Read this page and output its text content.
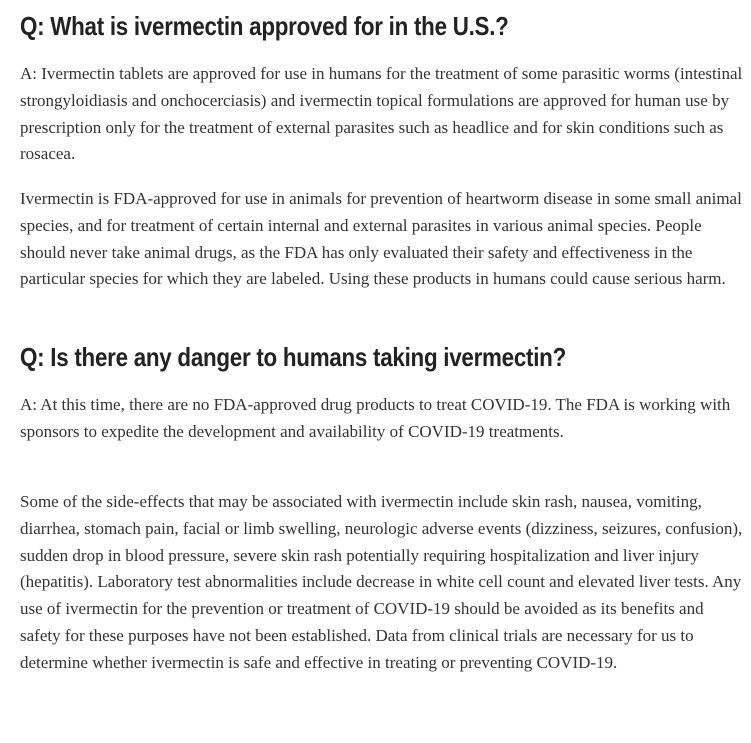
Q: What is ivermectin approved for in the U.S.?

A: Ivermectin tablets are approved for use in humans for the treatment of some parasitic worms (intestinal strongyloidiasis and onchocerciasis) and ivermectin topical formulations are approved for human use by prescription only for the treatment of external parasites such as headlice and for skin conditions such as rosacea.

Ivermectin is FDA-approved for use in animals for prevention of heartworm disease in some small animal species, and for treatment of certain internal and external parasites in various animal species. People should never take animal drugs, as the FDA has only evaluated their safety and effectiveness in the particular species for which they are labeled. Using these products in humans could cause serious harm.

Q: Is there any danger to humans taking ivermectin?

A: At this time, there are no FDA-approved drug products to treat COVID-19. The FDA is working with sponsors to expedite the development and availability of COVID-19 treatments.

Some of the side-effects that may be associated with ivermectin include skin rash, nausea, vomiting, diarrhea, stomach pain, facial or limb swelling, neurologic adverse events (dizziness, seizures, confusion), sudden drop in blood pressure, severe skin rash potentially requiring hospitalization and liver injury (hepatitis). Laboratory test abnormalities include decrease in white cell count and elevated liver tests. Any use of ivermectin for the prevention or treatment of COVID-19 should be avoided as its benefits and safety for these purposes have not been established. Data from clinical trials are necessary for us to determine whether ivermectin is safe and effective in treating or preventing COVID-19.
